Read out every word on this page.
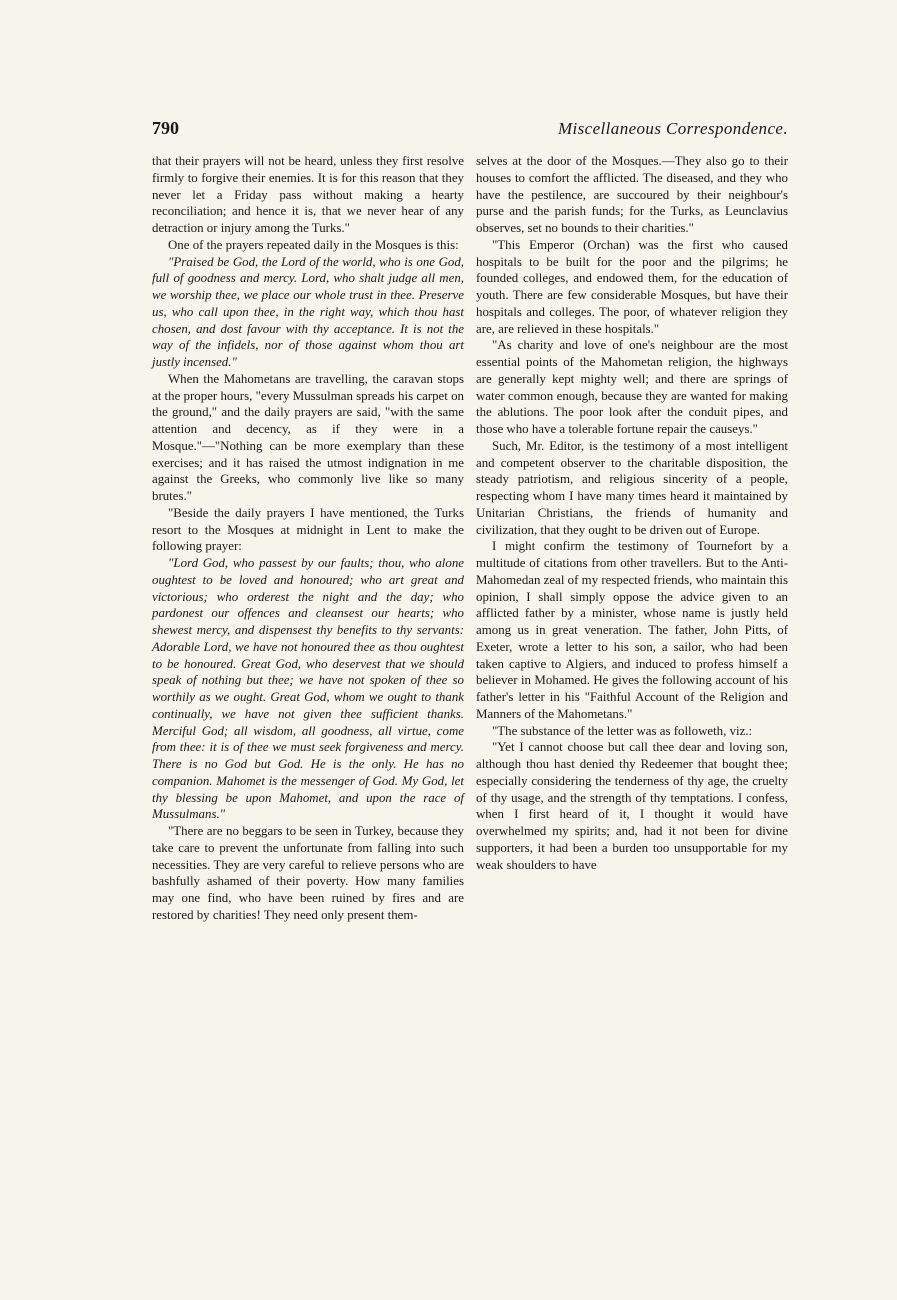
790	Miscellaneous Correspondence.

that their prayers will not be heard, unless they first resolve firmly to forgive their enemies. It is for this reason that they never let a Friday pass without making a hearty reconciliation; and hence it is, that we never hear of any detraction or injury among the Turks."

One of the prayers repeated daily in the Mosques is this:

"Praised be God, the Lord of the world, who is one God, full of goodness and mercy. Lord, who shalt judge all men, we worship thee, we place our whole trust in thee. Preserve us, who call upon thee, in the right way, which thou hast chosen, and dost favour with thy acceptance. It is not the way of the infidels, nor of those against whom thou art justly incensed."

When the Mahometans are travelling, the caravan stops at the proper hours, "every Mussulman spreads his carpet on the ground," and the daily prayers are said, "with the same attention and decency, as if they were in a Mosque."—"Nothing can be more exemplary than these exercises; and it has raised the utmost indignation in me against the Greeks, who commonly live like so many brutes."

"Beside the daily prayers I have mentioned, the Turks resort to the Mosques at midnight in Lent to make the following prayer:

"Lord God, who passest by our faults; thou, who alone oughtest to be loved and honoured; who art great and victorious; who orderest the night and the day; who pardonest our offences and cleansest our hearts; who shewest mercy, and dispensest thy benefits to thy servants: Adorable Lord, we have not honoured thee as thou oughtest to be honoured. Great God, who deservest that we should speak of nothing but thee; we have not spoken of thee so worthily as we ought. Great God, whom we ought to thank continually, we have not given thee sufficient thanks. Merciful God; all wisdom, all goodness, all virtue, come from thee: it is of thee we must seek forgiveness and mercy. There is no God but God. He is the only. He has no companion. Mahomet is the messenger of God. My God, let thy blessing be upon Mahomet, and upon the race of Mussulmans."

"There are no beggars to be seen in Turkey, because they take care to prevent the unfortunate from falling into such necessities. They are very careful to relieve persons who are bashfully ashamed of their poverty. How many families may one find, who have been ruined by fires and are restored by charities! They need only present them-

selves at the door of the Mosques.—They also go to their houses to comfort the afflicted. The diseased, and they who have the pestilence, are succoured by their neighbour's purse and the parish funds; for the Turks, as Leunclavius observes, set no bounds to their charities."

"This Emperor (Orchan) was the first who caused hospitals to be built for the poor and the pilgrims; he founded colleges, and endowed them, for the education of youth. There are few considerable Mosques, but have their hospitals and colleges. The poor, of whatever religion they are, are relieved in these hospitals."

"As charity and love of one's neighbour are the most essential points of the Mahometan religion, the highways are generally kept mighty well; and there are springs of water common enough, because they are wanted for making the ablutions. The poor look after the conduit pipes, and those who have a tolerable fortune repair the causeys."

Such, Mr. Editor, is the testimony of a most intelligent and competent observer to the charitable disposition, the steady patriotism, and religious sincerity of a people, respecting whom I have many times heard it maintained by Unitarian Christians, the friends of humanity and civilization, that they ought to be driven out of Europe.

I might confirm the testimony of Tournefort by a multitude of citations from other travellers. But to the Anti-Mahomedan zeal of my respected friends, who maintain this opinion, I shall simply oppose the advice given to an afflicted father by a minister, whose name is justly held among us in great veneration. The father, John Pitts, of Exeter, wrote a letter to his son, a sailor, who had been taken captive to Algiers, and induced to profess himself a believer in Mohamed. He gives the following account of his father's letter in his "Faithful Account of the Religion and Manners of the Mahometans."

"The substance of the letter was as followeth, viz.:

"Yet I cannot choose but call thee dear and loving son, although thou hast denied thy Redeemer that bought thee; especially considering the tenderness of thy age, the cruelty of thy usage, and the strength of thy temptations. I confess, when I first heard of it, I thought it would have overwhelmed my spirits; and, had it not been for divine supporters, it had been a burden too unsupportable for my weak shoulders to have
